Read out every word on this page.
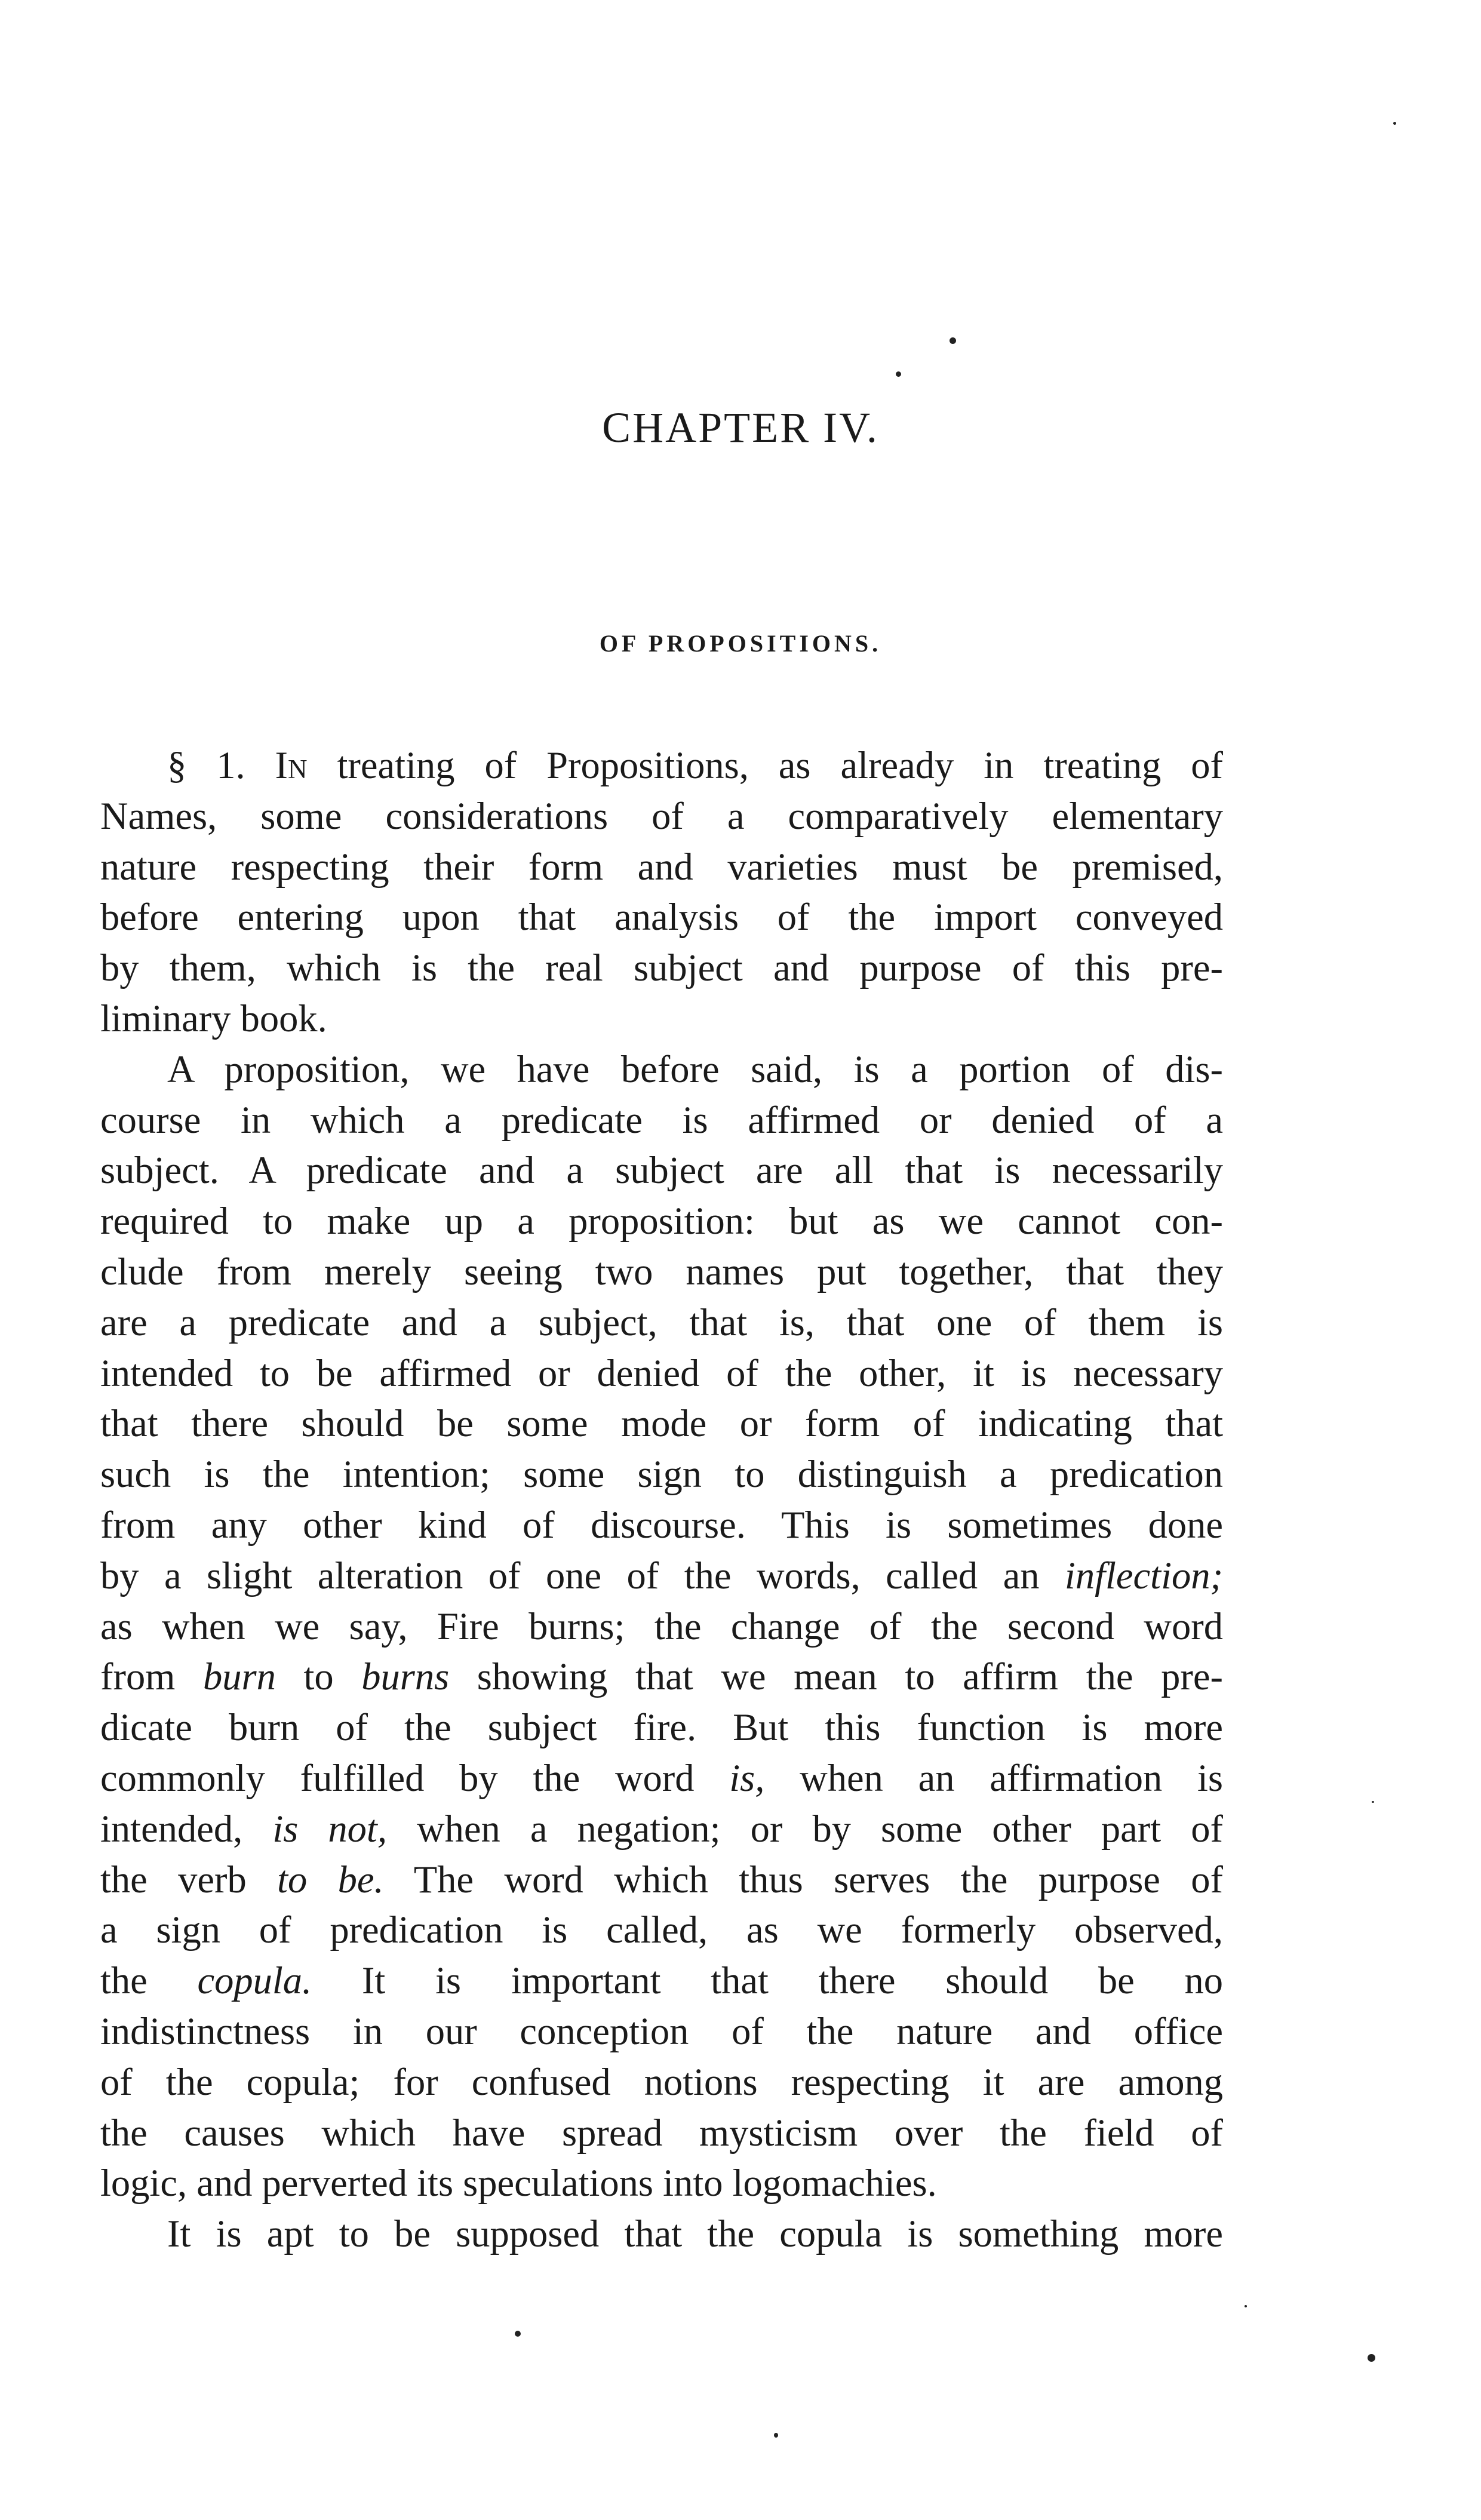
CHAPTER IV.
OF PROPOSITIONS.
§ 1. In treating of Propositions, as already in treating of
Names, some considerations of a comparatively elementary
nature respecting their form and varieties must be premised,
before entering upon that analysis of the import conveyed
by them, which is the real subject and purpose of this pre-
liminary book.
A proposition, we have before said, is a portion of dis-
course in which a predicate is affirmed or denied of a
subject. A predicate and a subject are all that is necessarily
required to make up a proposition: but as we cannot con-
clude from merely seeing two names put together, that they
are a predicate and a subject, that is, that one of them is
intended to be affirmed or denied of the other, it is necessary
that there should be some mode or form of indicating that
such is the intention; some sign to distinguish a predication
from any other kind of discourse. This is sometimes done
by a slight alteration of one of the words, called an inflection;
as when we say, Fire burns; the change of the second word
from burn to burns showing that we mean to affirm the pre-
dicate burn of the subject fire. But this function is more
commonly fulfilled by the word is, when an affirmation is
intended, is not, when a negation; or by some other part of
the verb to be. The word which thus serves the purpose of
a sign of predication is called, as we formerly observed,
the copula. It is important that there should be no
indistinctness in our conception of the nature and office
of the copula; for confused notions respecting it are among
the causes which have spread mysticism over the field of
logic, and perverted its speculations into logomachies.
It is apt to be supposed that the copula is something more
